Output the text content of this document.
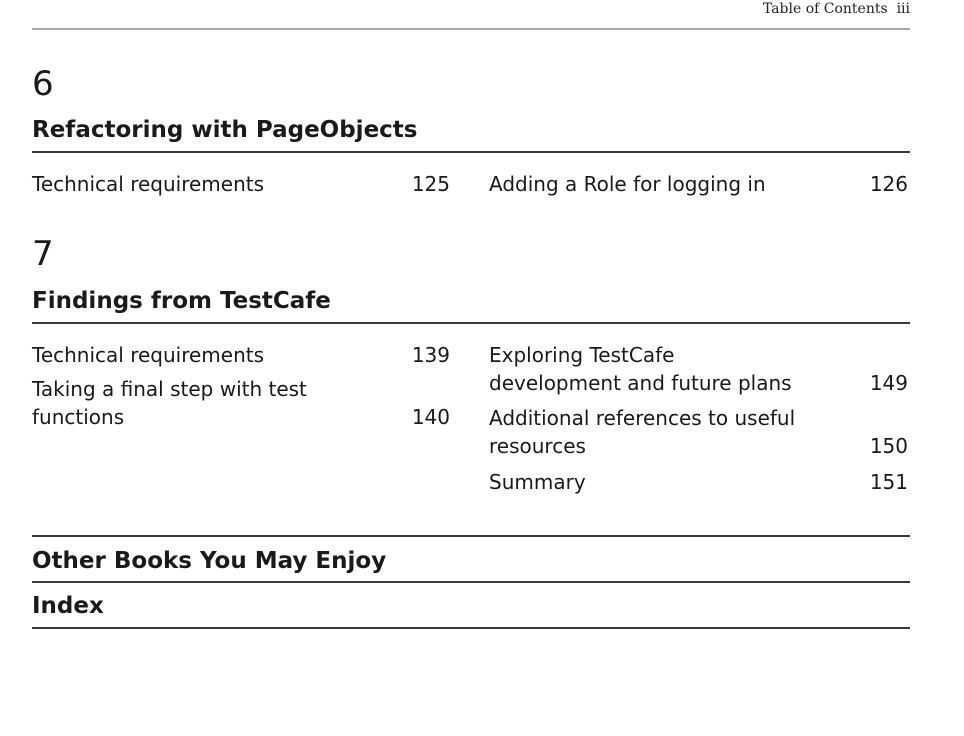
Table of Contents iii
6
Refactoring with PageObjects
Technical requirements	125 Adding a Role for logging in	126
7
Findings from TestCafe
Technical requirements	139
Taking a final step with test
functions	140
Exploring TestCafe
development and future plans	149
Additional references to useful
resources	150
Summary	151
Other Books You May Enjoy
Index
